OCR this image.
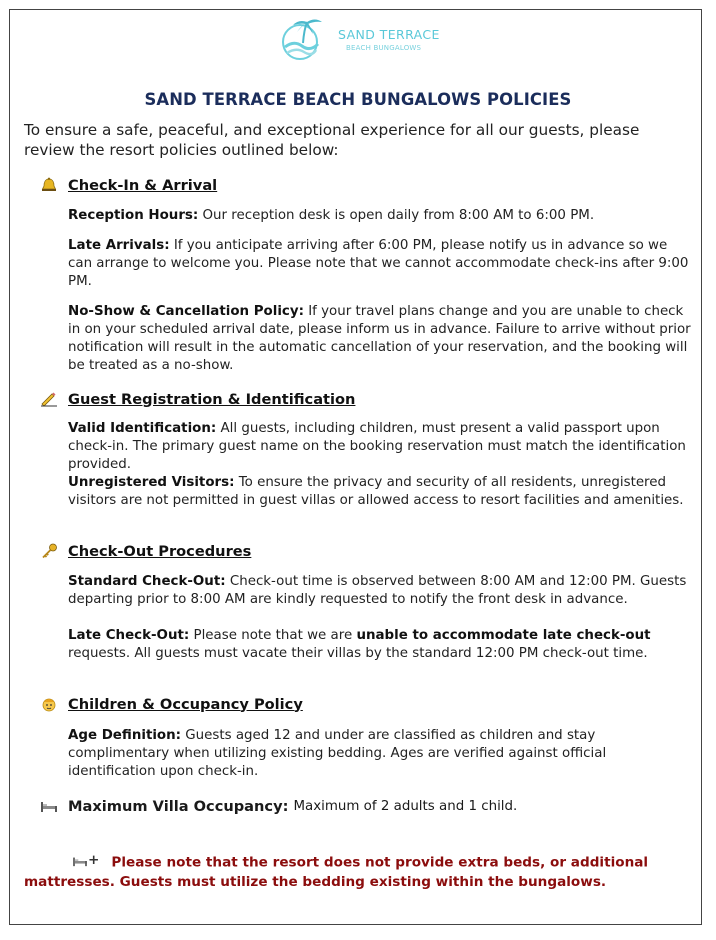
SAND TERRACE
BEACH BUNGALOWS
SAND TERRACE BEACH BUNGALOWS POLICIES

To ensure a safe, peaceful, and exceptional experience for all our guests, please review the resort policies outlined below:

Check-In & Arrival

Reception Hours: Our reception desk is open daily from 8:00 AM to 6:00 PM.

Late Arrivals: If you anticipate arriving after 6:00 PM, please notify us in advance so we can arrange to welcome you. Please note that we cannot accommodate check-ins after 9:00 PM.

No-Show & Cancellation Policy: If your travel plans change and you are unable to check in on your scheduled arrival date, please inform us in advance. Failure to arrive without prior notification will result in the automatic cancellation of your reservation, and the booking will be treated as a no-show.

Guest Registration & Identification

Valid Identification: All guests, including children, must present a valid passport upon check-in. The primary guest name on the booking reservation must match the identification provided.

Unregistered Visitors: To ensure the privacy and security of all residents, unregistered visitors are not permitted in guest villas or allowed access to resort facilities and amenities.

Check-Out Procedures

Standard Check-Out: Check-out time is observed between 8:00 AM and 12:00 PM. Guests departing prior to 8:00 AM are kindly requested to notify the front desk in advance.

Late Check-Out: Please note that we are unable to accommodate late check-out requests. All guests must vacate their villas by the standard 12:00 PM check-out time.

Children & Occupancy Policy

Age Definition: Guests aged 12 and under are classified as children and stay complimentary when utilizing existing bedding. Ages are verified against official identification upon check-in.

Maximum Villa Occupancy: Maximum of 2 adults and 1 child.

+ Please note that the resort does not provide extra beds, or additional
mattresses. Guests must utilize the bedding existing within the bungalows.
